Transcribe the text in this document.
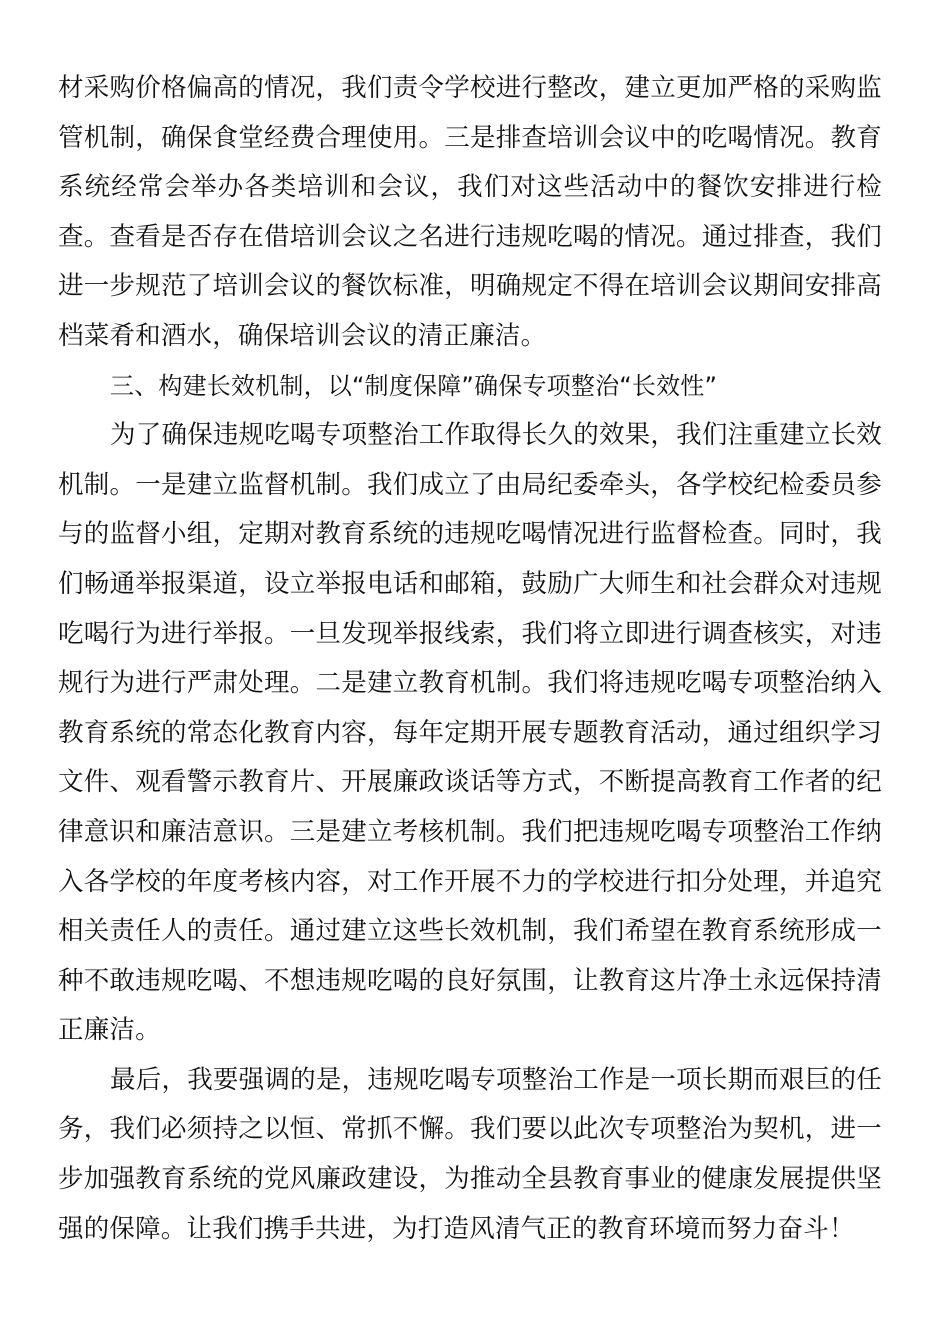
材采购价格偏高的情况，我们责令学校进行整改，建立更加严格的采购监管机制，确保食堂经费合理使用。三是排查培训会议中的吃喝情况。教育系统经常会举办各类培训和会议，我们对这些活动中的餐饮安排进行检查。查看是否存在借培训会议之名进行违规吃喝的情况。通过排查，我们进一步规范了培训会议的餐饮标准，明确规定不得在培训会议期间安排高档菜肴和酒水，确保培训会议的清正廉洁。

三、构建长效机制，以“制度保障”确保专项整治“长效性”

为了确保违规吃喝专项整治工作取得长久的效果，我们注重建立长效机制。一是建立监督机制。我们成立了由局纪委牵头，各学校纪检委员参与的监督小组，定期对教育系统的违规吃喝情况进行监督检查。同时，我们畅通举报渠道，设立举报电话和邮箱，鼓励广大师生和社会群众对违规吃喝行为进行举报。一旦发现举报线索，我们将立即进行调查核实，对违规行为进行严肃处理。二是建立教育机制。我们将违规吃喝专项整治纳入教育系统的常态化教育内容，每年定期开展专题教育活动，通过组织学习文件、观看警示教育片、开展廉政谈话等方式，不断提高教育工作者的纪律意识和廉洁意识。三是建立考核机制。我们把违规吃喝专项整治工作纳入各学校的年度考核内容，对工作开展不力的学校进行扣分处理，并追究相关责任人的责任。通过建立这些长效机制，我们希望在教育系统形成一种不敢违规吃喝、不想违规吃喝的良好氛围，让教育这片净土永远保持清正廉洁。

最后，我要强调的是，违规吃喝专项整治工作是一项长期而艰巨的任务，我们必须持之以恒、常抓不懈。我们要以此次专项整治为契机，进一步加强教育系统的党风廉政建设，为推动全县教育事业的健康发展提供坚强的保障。让我们携手共进，为打造风清气正的教育环境而努力奋斗！
